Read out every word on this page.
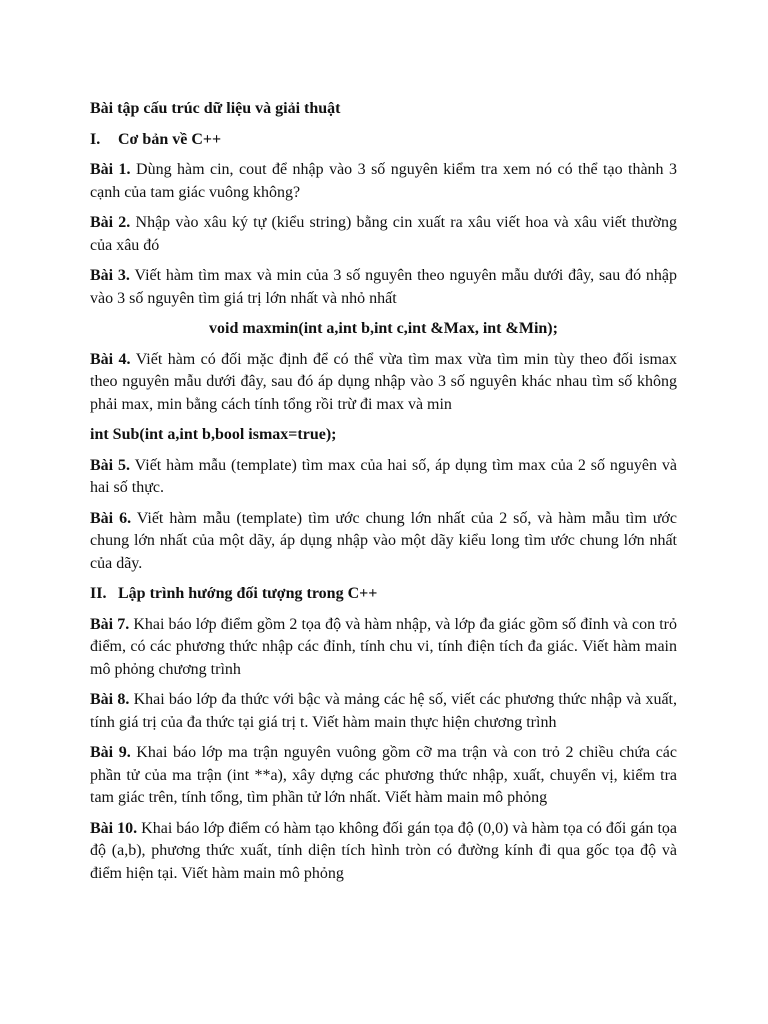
Bài tập cấu trúc dữ liệu và giải thuật

I. Cơ bản về C++

Bài 1. Dùng hàm cin, cout để nhập vào 3 số nguyên kiểm tra xem nó có thể tạo thành 3 cạnh của tam giác vuông không?

Bài 2. Nhập vào xâu ký tự (kiểu string) bằng cin xuất ra xâu viết hoa và xâu viết thường của xâu đó

Bài 3. Viết hàm tìm max và min của 3 số nguyên theo nguyên mẫu dưới đây, sau đó nhập vào 3 số nguyên tìm giá trị lớn nhất và nhỏ nhất

void maxmin(int a,int b,int c,int &Max, int &Min);

Bài 4. Viết hàm có đối mặc định để có thể vừa tìm max vừa tìm min tùy theo đối ismax theo nguyên mẫu dưới đây, sau đó áp dụng nhập vào 3 số nguyên khác nhau tìm số không phải max, min bằng cách tính tổng rồi trừ đi max và min

int Sub(int a,int b,bool ismax=true);

Bài 5. Viết hàm mẫu (template) tìm max của hai số, áp dụng tìm max của 2 số nguyên và hai số thực.

Bài 6. Viết hàm mẫu (template) tìm ước chung lớn nhất của 2 số, và hàm mẫu tìm ước chung lớn nhất của một dãy, áp dụng nhập vào một dãy kiểu long tìm ước chung lớn nhất của dãy.

II. Lập trình hướng đối tượng trong C++

Bài 7. Khai báo lớp điểm gồm 2 tọa độ và hàm nhập, và lớp đa giác gồm số đỉnh và con trỏ điểm, có các phương thức nhập các đỉnh, tính chu vi, tính điện tích đa giác. Viết hàm main mô phỏng chương trình

Bài 8. Khai báo lớp đa thức với bậc và mảng các hệ số, viết các phương thức nhập và xuất, tính giá trị của đa thức tại giá trị t. Viết hàm main thực hiện chương trình

Bài 9. Khai báo lớp ma trận nguyên vuông gồm cỡ ma trận và con trỏ 2 chiều chứa các phần tử của ma trận (int **a), xây dựng các phương thức nhập, xuất, chuyển vị, kiểm tra tam giác trên, tính tổng, tìm phần tử lớn nhất. Viết hàm main mô phỏng

Bài 10. Khai báo lớp điểm có hàm tạo không đối gán tọa độ (0,0) và hàm tọa có đối gán tọa độ (a,b), phương thức xuất, tính diện tích hình tròn có đường kính đi qua gốc tọa độ và điểm hiện tại. Viết hàm main mô phỏng
